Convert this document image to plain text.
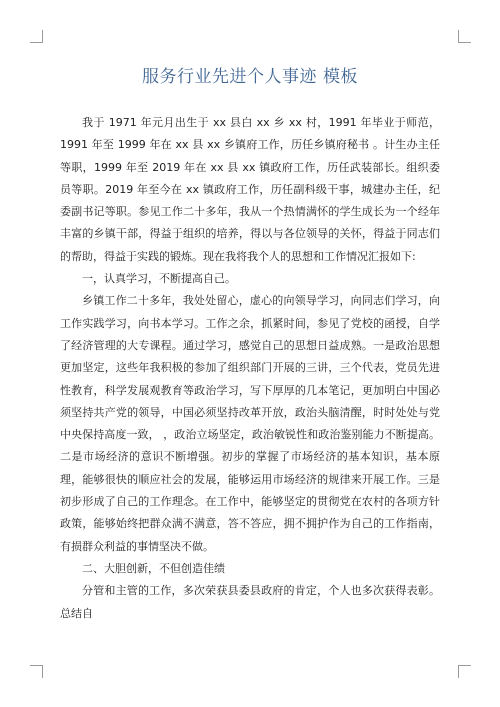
服务行业先进个人事迹 模板

我于 1971 年元月出生于 xx 县白 xx 乡 xx 村，1991 年毕业于师范，1991 年至 1999 年在 xx 县 xx 乡镇府工作，历任乡镇府秘书 。计生办主任等职，1999 年至 2019 年在 xx 县 xx 镇政府工作，历任武装部长。组织委员等职。2019 年至今在 xx 镇政府工作，历任副科级干事，城建办主任，纪委副书记等职。参见工作二十多年，我从一个热情满怀的学生成长为一个经年丰富的乡镇干部，得益于组织的培养，得以与各位领导的关怀，得益于同志们的帮助，得益于实践的锻炼。现在我将我个人的思想和工作情况汇报如下:

一，认真学习，不断提高自己。

乡镇工作二十多年，我处处留心，虚心的向领导学习，向同志们学习，向工作实践学习，向书本学习。工作之余，抓紧时间，参见了党校的函授，自学了经济管理的大专课程。通过学习，感觉自己的思想日益成熟。一是政治思想更加坚定，这些年我积极的参加了组织部门开展的三讲，三个代表，党员先进性教育，科学发展观教育等政治学习，写下厚厚的几本笔记，更加明白中国必须坚持共产党的领导，中国必须坚持改革开放，政治头脑清醒，时时处处与党中央保持高度一致， ，政治立场坚定，政治敏锐性和政治鉴别能力不断提高。二是市场经济的意识不断增强。初步的掌握了市场经济的基本知识，基本原理，能够很快的顺应社会的发展，能够运用市场经济的规律来开展工作。三是初步形成了自己的工作理念。在工作中，能够坚定的贯彻党在农村的各项方针政策，能够始终把群众满不满意，答不答应，拥不拥护作为自己的工作指南，有损群众利益的事情坚决不做。

二、大胆创新，不但创造佳绩

分管和主管的工作，多次荣获县委县政府的肯定，个人也多次获得表彰。总结自
